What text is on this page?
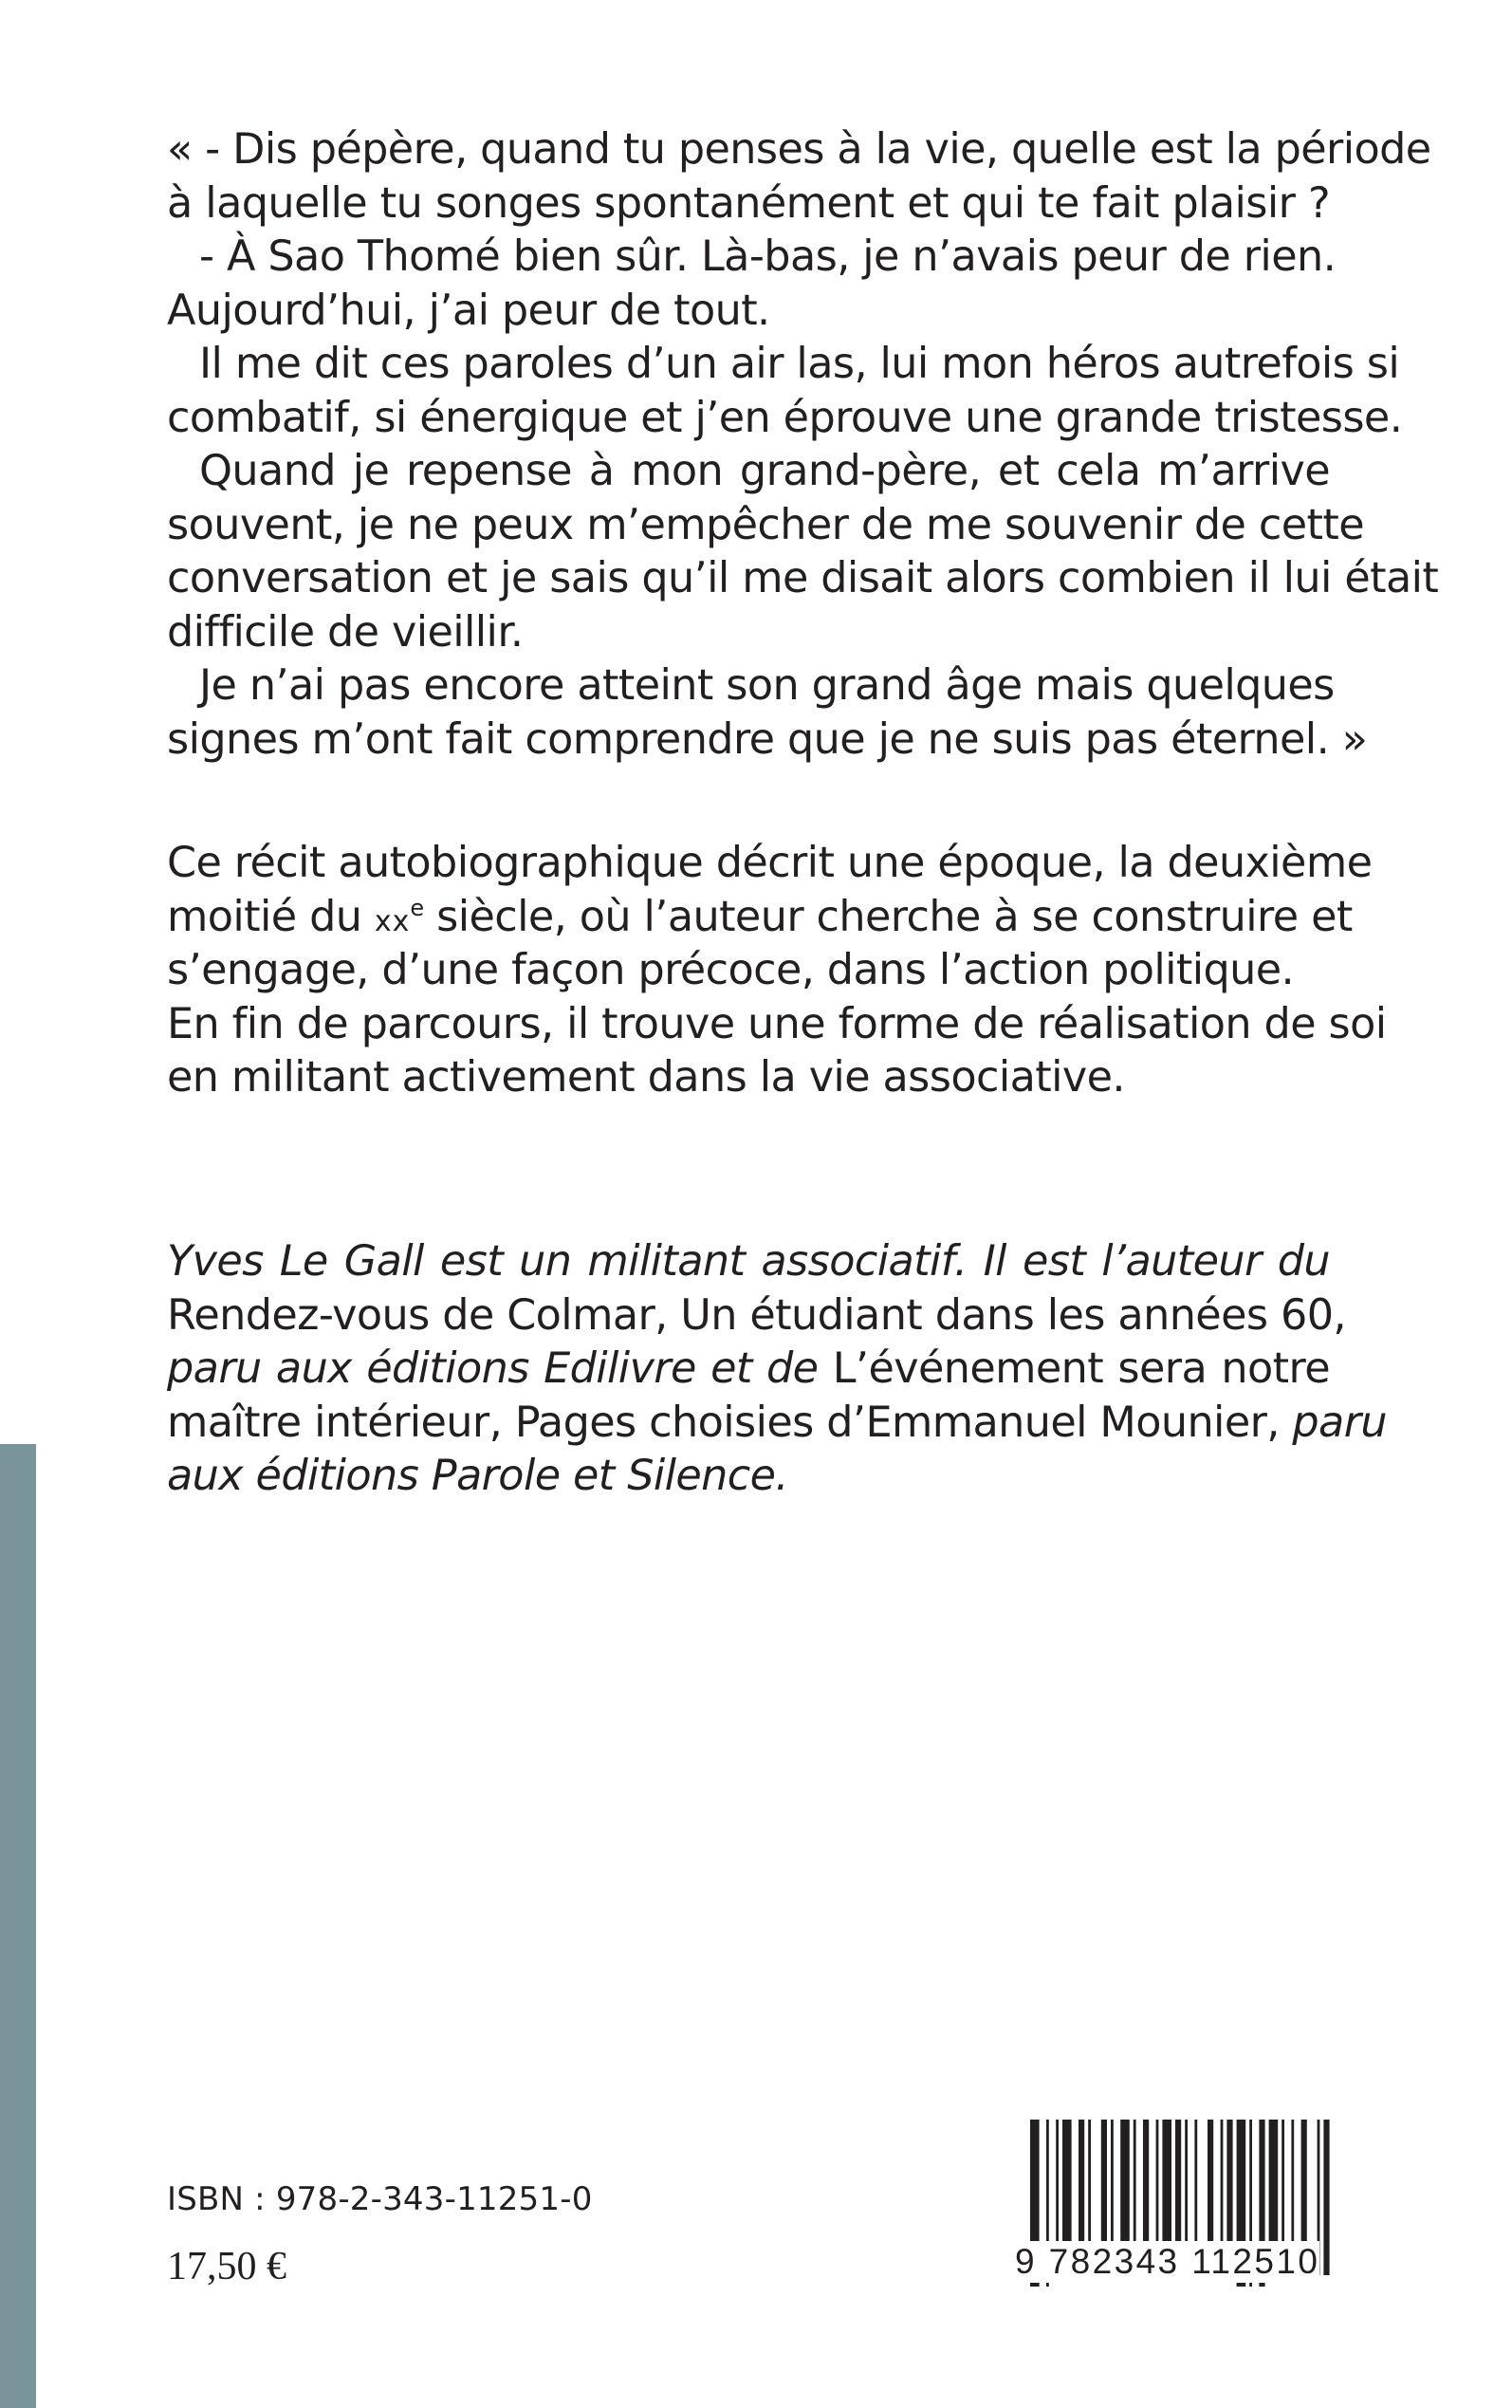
« - Dis pépère, quand tu penses à la vie, quelle est la période
à laquelle tu songes spontanément et qui te fait plaisir ?
- À Sao Thomé bien sûr. Là-bas, je n’avais peur de rien.
Aujourd’hui, j’ai peur de tout.
Il me dit ces paroles d’un air las, lui mon héros autrefois si
combatif, si énergique et j’en éprouve une grande tristesse.
Quand je repense à mon grand-père, et cela m’arrive
souvent, je ne peux m’empêcher de me souvenir de cette
conversation et je sais qu’il me disait alors combien il lui était
difficile de vieillir.
Je n’ai pas encore atteint son grand âge mais quelques
signes m’ont fait comprendre que je ne suis pas éternel. »
Ce récit autobiographique décrit une époque, la deuxième
moitié du $xx^e$ siècle, où l’auteur cherche à se construire et
s’engage, d’une façon précoce, dans l’action politique.
En fin de parcours, il trouve une forme de réalisation de soi
en militant activement dans la vie associative.
Yves Le Gall est un militant associatif. Il est l’auteur du
Rendez-vous de Colmar, Un étudiant dans les années 60,
paru aux éditions Edilivre et de L’événement sera notre
maître intérieur, Pages choisies d’Emmanuel Mounier, paru
aux éditions Parole et Silence.
ISBN : 978-2-343-11251-0
17,50 €	9 782343 112510
